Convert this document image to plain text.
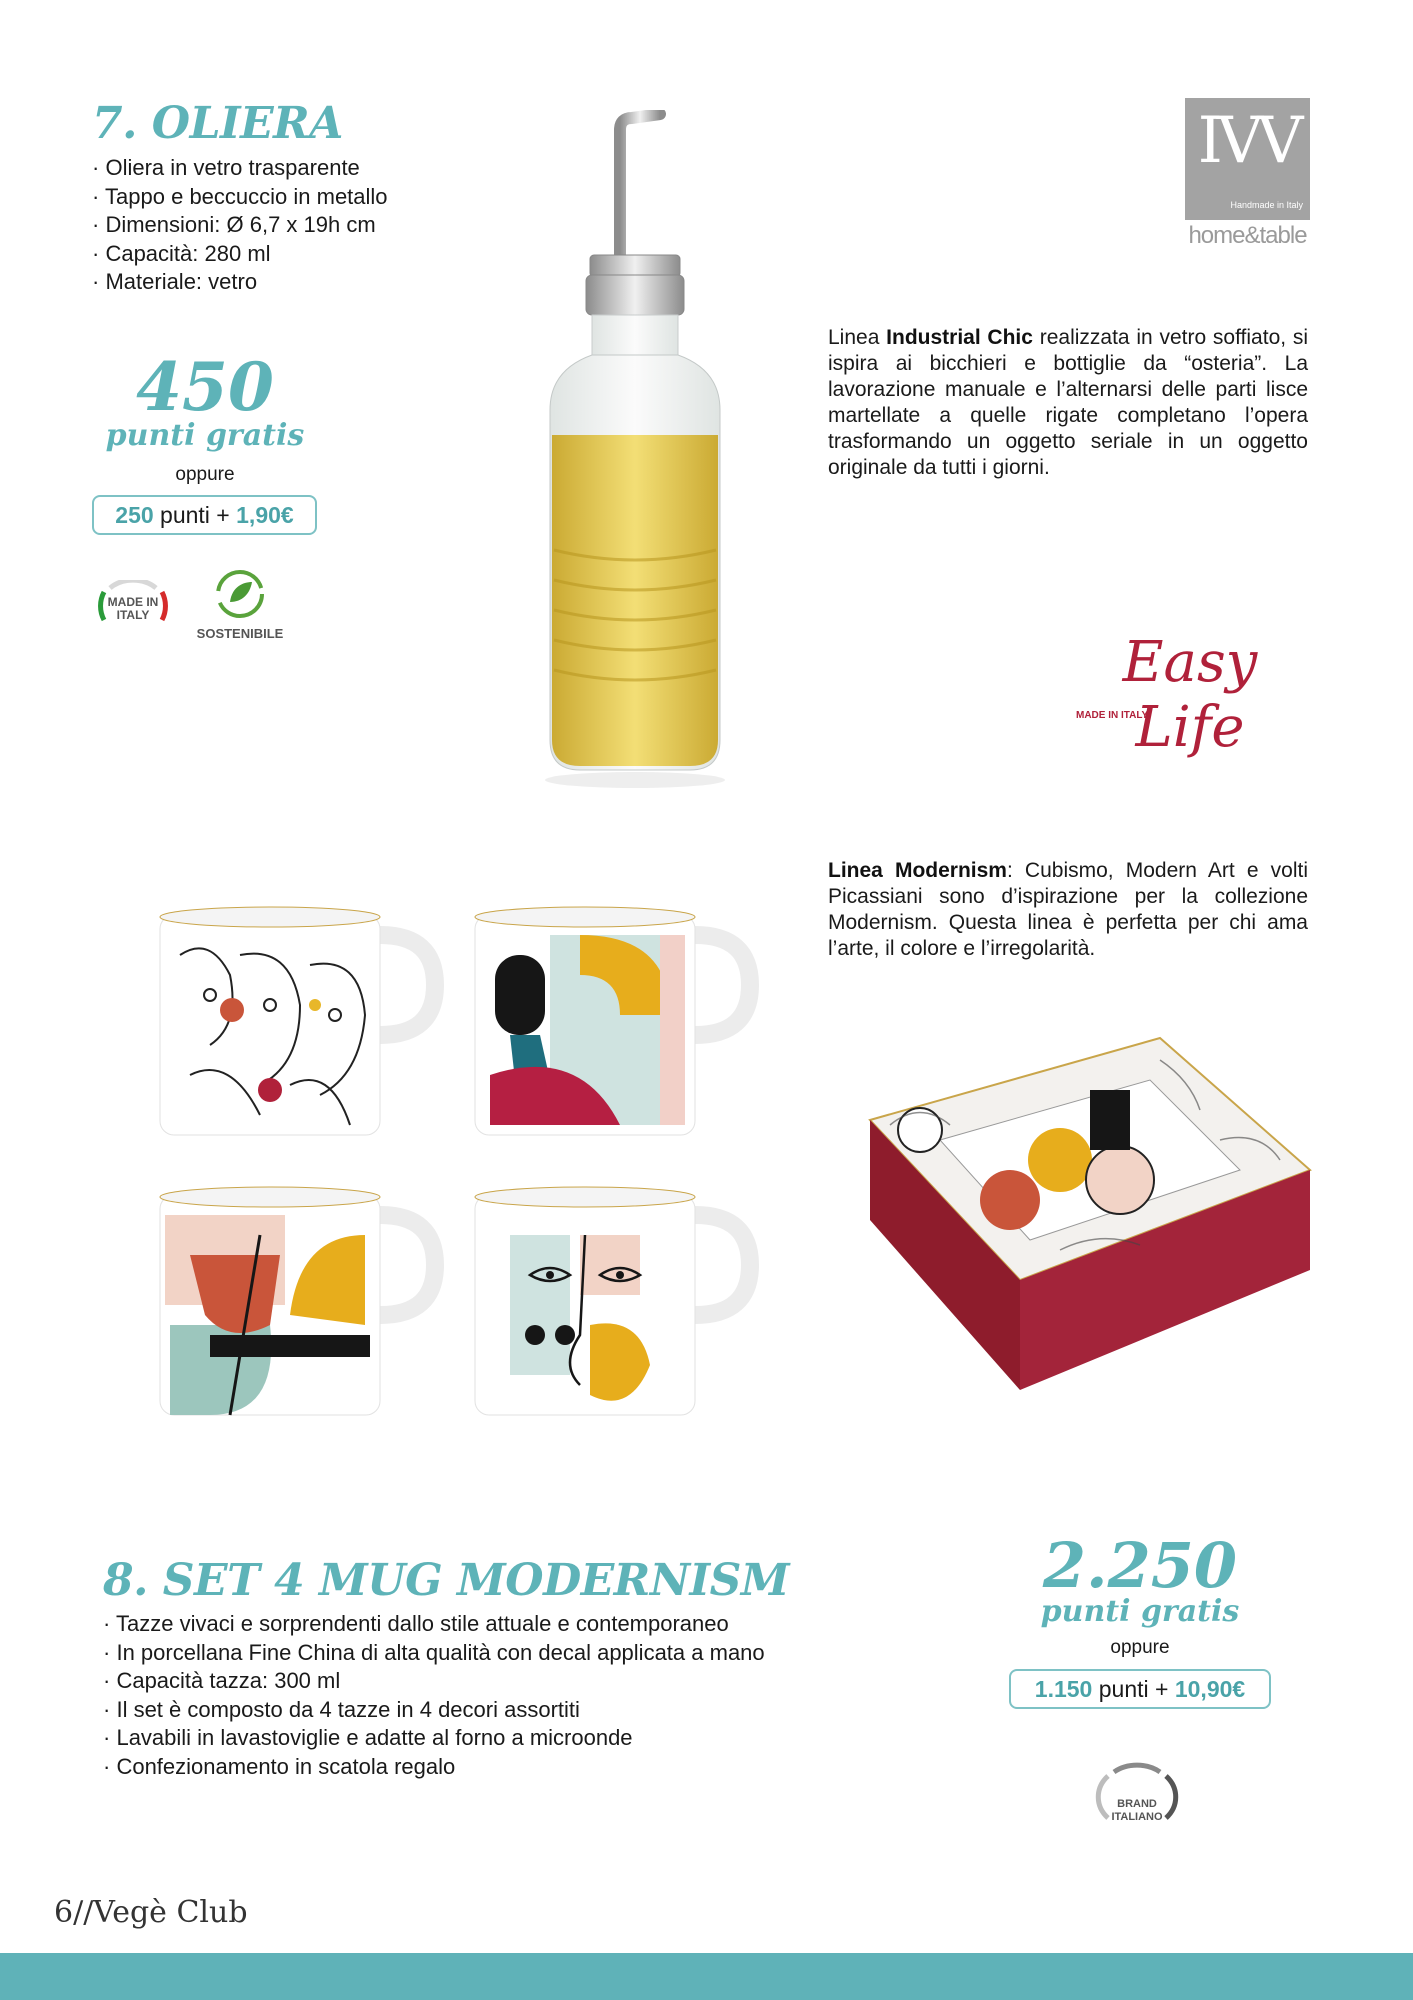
7. OLIERA
· Oliera in vetro trasparente
· Tappo e beccuccio in metallo
· Dimensioni: Ø 6,7 x 19h cm
· Capacità: 280 ml
· Materiale: vetro
450
punti gratis
oppure
250 punti + 1,90€
MADE IN ITALY
SOSTENIBILE
IVV
Handmade in Italy
home&table
Linea Industrial Chic realizzata in vetro soffiato, si ispira ai bicchieri e bottiglie da “osteria”. La lavorazione manuale e l’alternarsi delle parti lisce martellate a quelle rigate completano l’opera trasformando un oggetto seriale in un oggetto originale da tutti i giorni.
Easy Life
MADE IN ITALY
Linea Modernism: Cubismo, Modern Art e volti Picassiani sono d’ispirazione per la collezione Modernism. Questa linea è perfetta per chi ama l’arte, il colore e l’irregolarità.
8. SET 4 MUG MODERNISM
· Tazze vivaci e sorprendenti dallo stile attuale e contemporaneo
· In porcellana Fine China di alta qualità con decal applicata a mano
· Capacità tazza: 300 ml
· Il set è composto da 4 tazze in 4 decori assortiti
· Lavabili in lavastoviglie e adatte al forno a microonde
· Confezionamento in scatola regalo
2.250
punti gratis
oppure
1.150 punti + 10,90€
BRAND ITALIANO
6//Vegè Club
